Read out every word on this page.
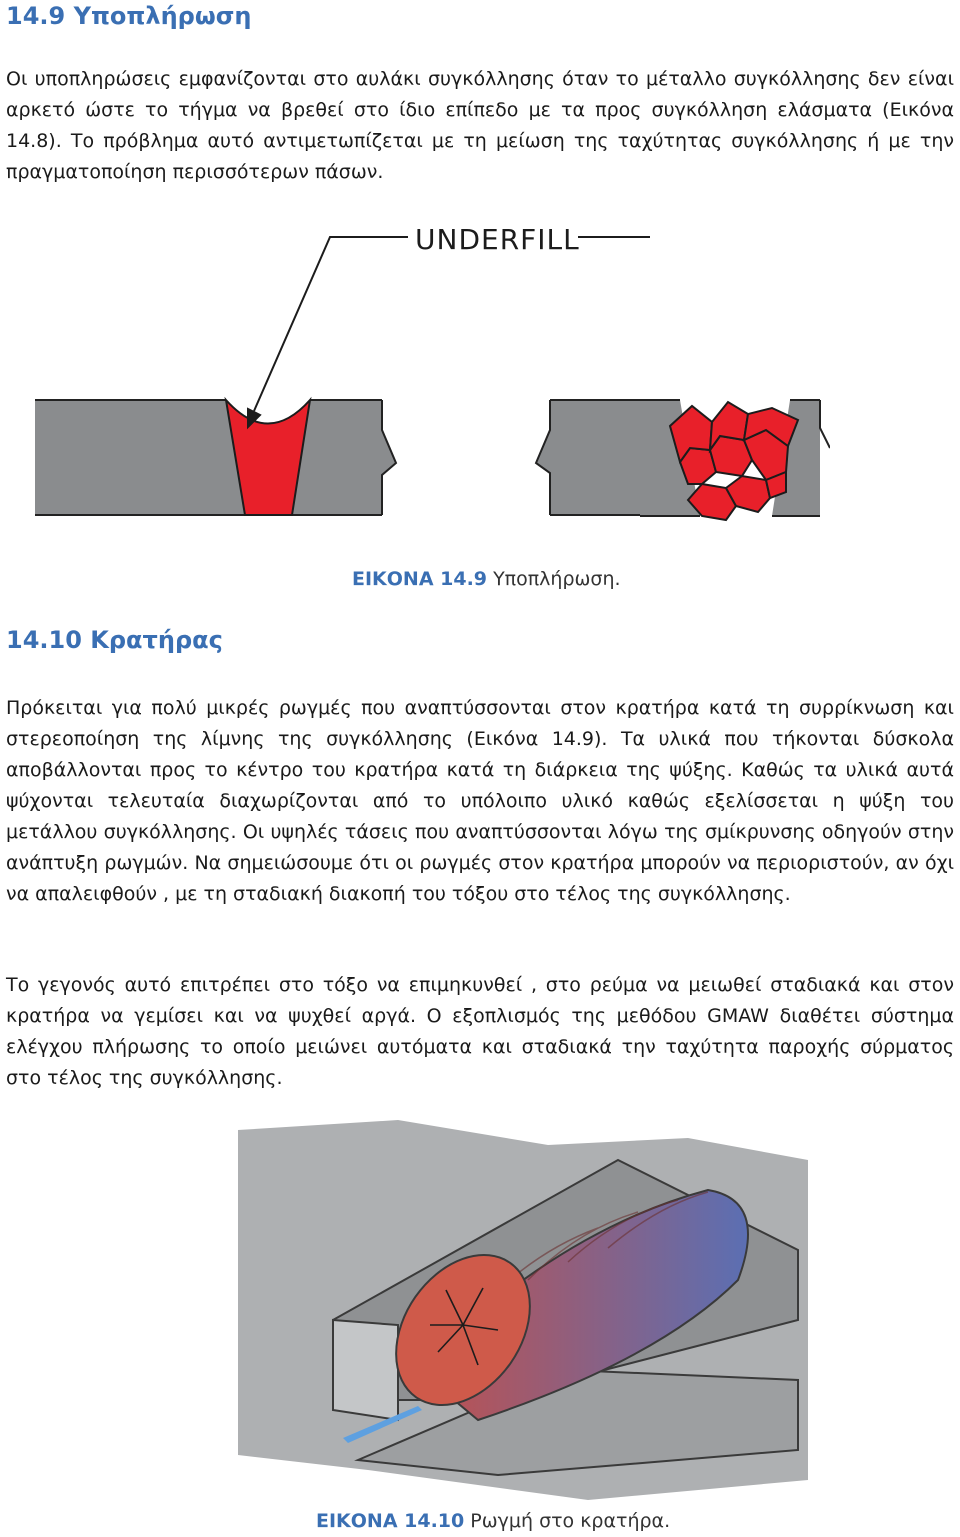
14.9 Υποπλήρωση

Οι υποπληρώσεις εμφανίζονται στο αυλάκι συγκόλλησης όταν το μέταλλο συγκόλλησης δεν είναι αρκετό ώστε το τήγμα να βρεθεί στο ίδιο επίπεδο με τα προς συγκόλληση ελάσματα (Εικόνα 14.8). Το πρόβλημα αυτό αντιμετωπίζεται με τη μείωση της ταχύτητας συγκόλλησης ή με την πραγματοποίηση περισσότερων πάσων.

UNDERFILL

ΕΙΚΟΝΑ 14.9 Υποπλήρωση.

14.10 Κρατήρας

Πρόκειται για πολύ μικρές ρωγμές που αναπτύσσονται στον κρατήρα κατά τη συρρίκνωση και στερεοποίηση της λίμνης της συγκόλλησης (Εικόνα 14.9). Τα υλικά που τήκονται δύσκολα αποβάλλονται προς το κέντρο του κρατήρα κατά τη διάρκεια της ψύξης. Καθώς τα υλικά αυτά ψύχονται τελευταία διαχωρίζονται από το υπόλοιπο υλικό καθώς εξελίσσεται η ψύξη του μετάλλου συγκόλλησης. Οι υψηλές τάσεις που αναπτύσσονται λόγω της σμίκρυνσης οδηγούν στην ανάπτυξη ρωγμών. Να σημειώσουμε ότι οι ρωγμές στον κρατήρα μπορούν να περιοριστούν, αν όχι να απαλειφθούν , με τη σταδιακή διακοπή του τόξου στο τέλος της συγκόλλησης.

Το γεγονός αυτό επιτρέπει στο τόξο να επιμηκυνθεί , στο ρεύμα να μειωθεί σταδιακά και στον κρατήρα να γεμίσει και να ψυχθεί αργά. Ο εξοπλισμός της μεθόδου GMAW διαθέτει σύστημα ελέγχου πλήρωσης το οποίο μειώνει αυτόματα και σταδιακά την ταχύτητα παροχής σύρματος στο τέλος της συγκόλλησης.

ΕΙΚΟΝΑ 14.10 Ρωγμή στο κρατήρα.
